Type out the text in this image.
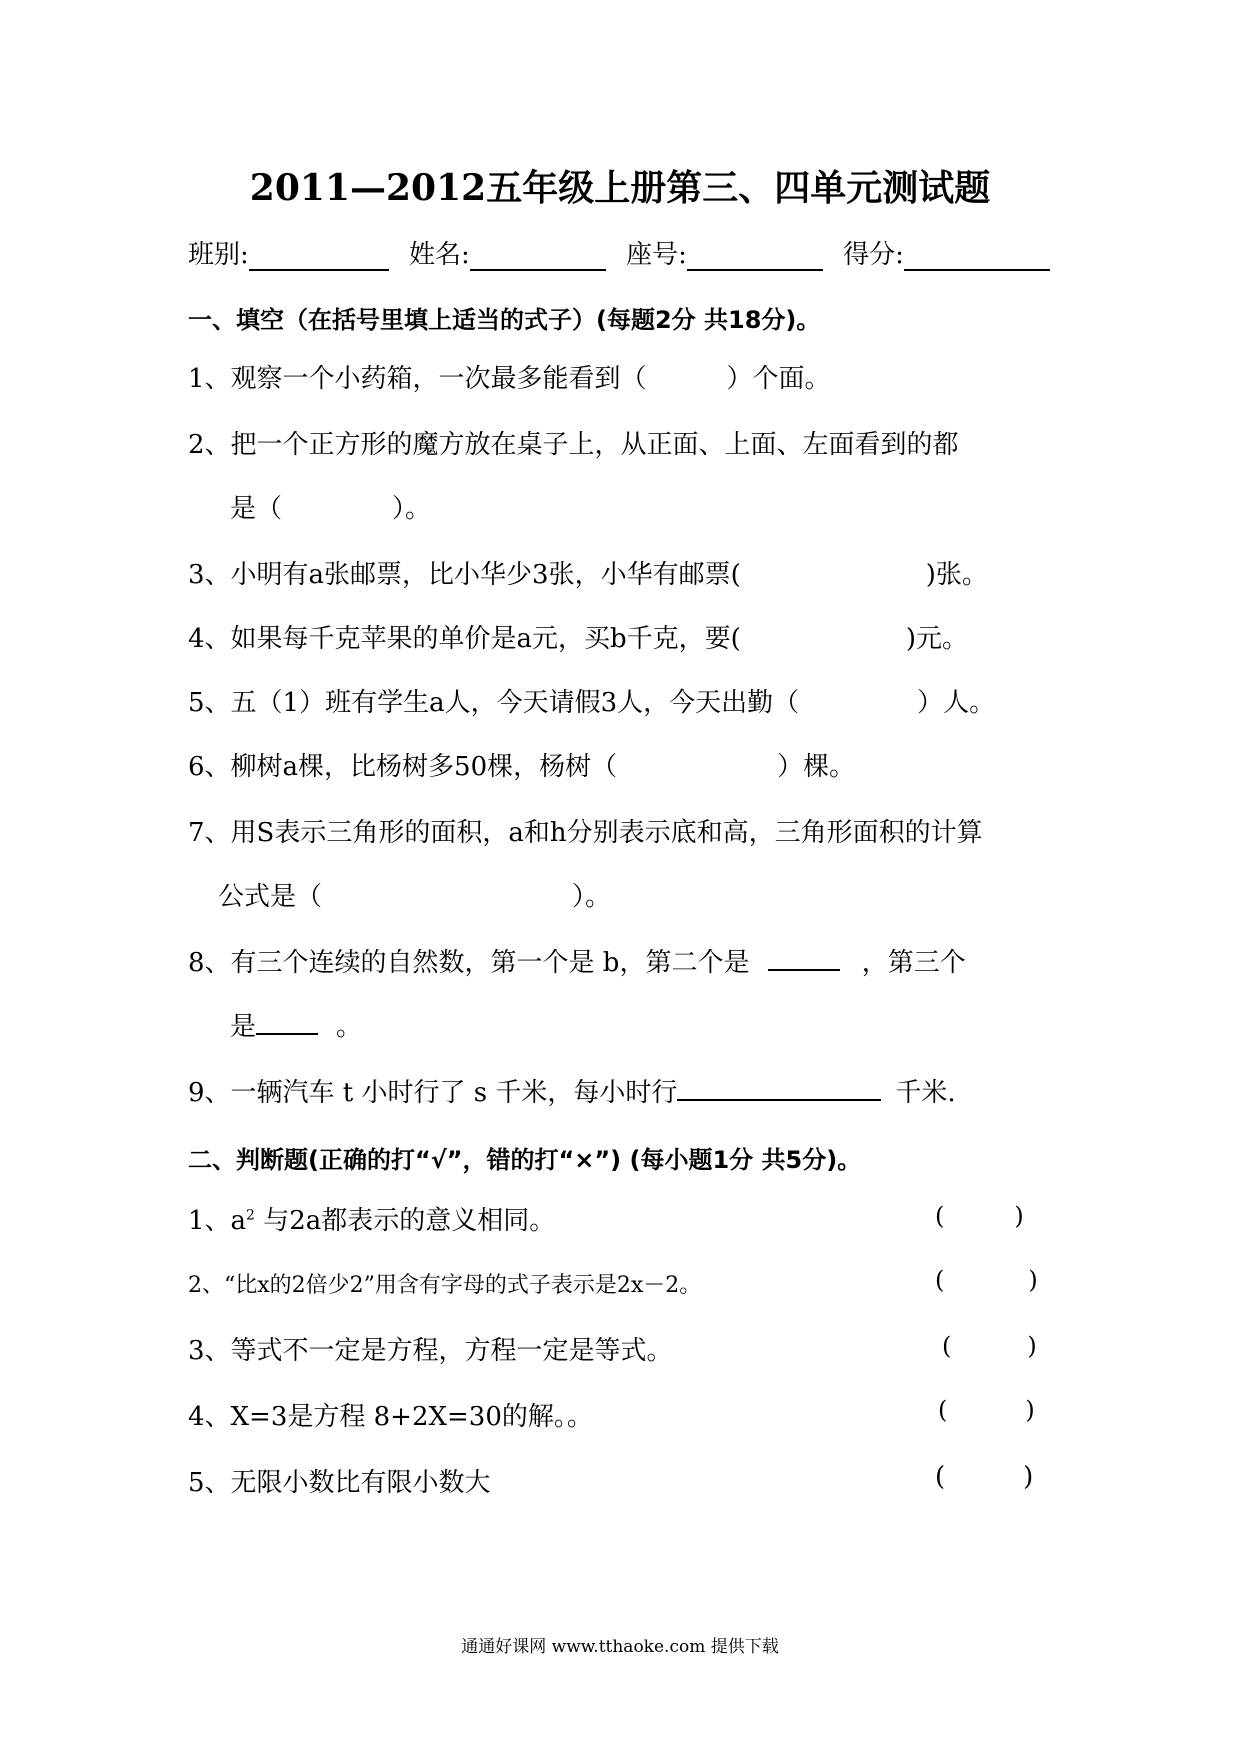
2011—2012五年级上册第三、四单元测试题
班别:	姓名:	座号:	得分:
一、填空（在括号里填上适当的式子）(每题2分 共18分)。
1、观察一个小药箱，一次最多能看到（	）个面。
2、把一个正方形的魔方放在桌子上，从正面、上面、左面看到的都
是（	）。
3、小明有a张邮票，比小华少3张，小华有邮票(	)张。
4、如果每千克苹果的单价是a元，买b千克，要(	)元。
5、五（1）班有学生a人，今天请假3人，今天出勤（	）人。
6、柳树a棵，比杨树多50棵，杨树（	）棵。
7、用S表示三角形的面积，a和h分别表示底和高，三角形面积的计算
公式是（	）。
8、有三个连续的自然数，第一个是 b，第二个是	，第三个
是	。
9、一辆汽车 t 小时行了 s 千米，每小时行	千米.
二、判断题(正确的打“√”，错的打“×”) (每小题1分 共5分)。
1、$a^2$ 与2a都表示的意义相同。	(	)
2、“比x的2倍少2”用含有字母的式子表示是2x－2。	(	)
3、等式不一定是方程，方程一定是等式。	(	)
4、X=3是方程 8+2X=30的解。。	(	)
5、无限小数比有限小数大	(	)
通通好课网 www.tthaoke.com 提供下载
